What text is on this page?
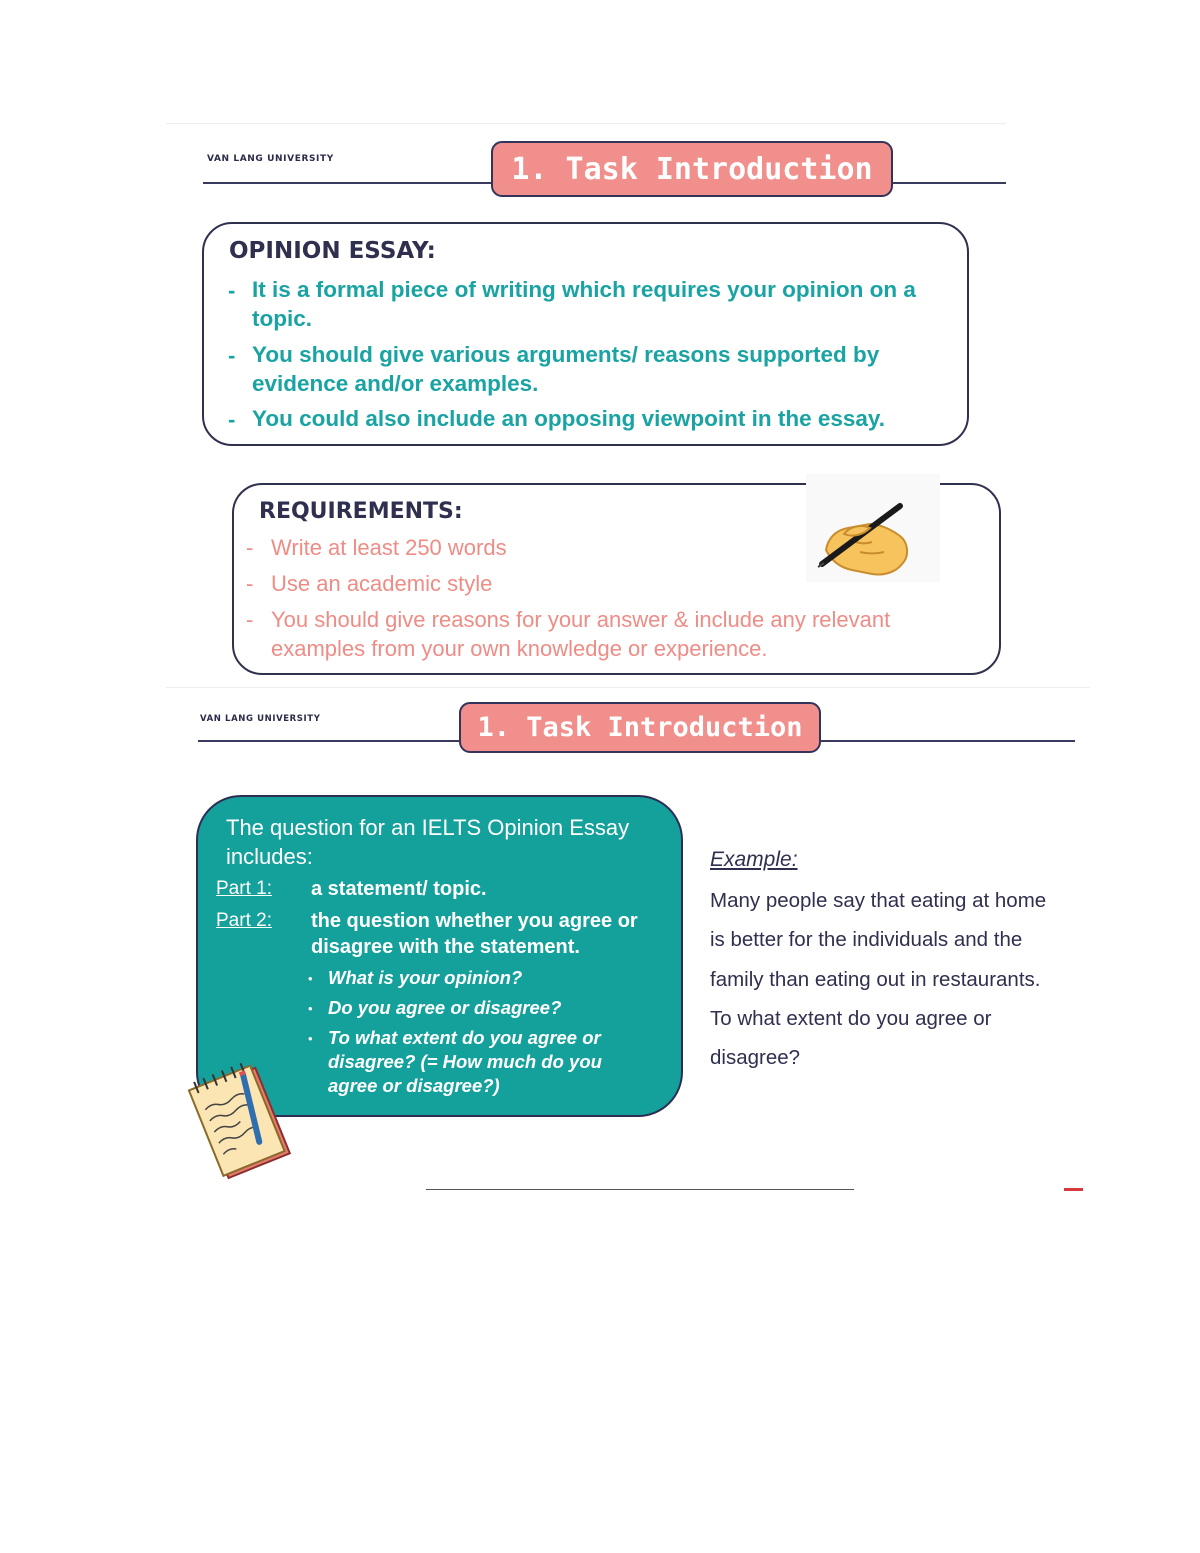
VAN LANG UNIVERSITY	1. Task Introduction
OPINION ESSAY:
- It is a formal piece of writing which requires your opinion on a
topic.
- You should give various arguments/ reasons supported by
evidence and/or examples.
- You could also include an opposing viewpoint in the essay.
REQUIREMENTS:
- Write at least 250 words
- Use an academic style
- You should give reasons for your answer & include any relevant
examples from your own knowledge or experience.
VAN LANG UNIVERSITY	1. Task Introduction
The question for an IELTS Opinion Essay
includes:
Part 1: a statement/ topic.
Part 2: the question whether you agree or
disagree with the statement.
• What is your opinion?
• Do you agree or disagree?
• To what extent do you agree or
disagree? (= How much do you
agree or disagree?)
Example:
Many people say that eating at home
is better for the individuals and the
family than eating out in restaurants.
To what extent do you agree or
disagree?
